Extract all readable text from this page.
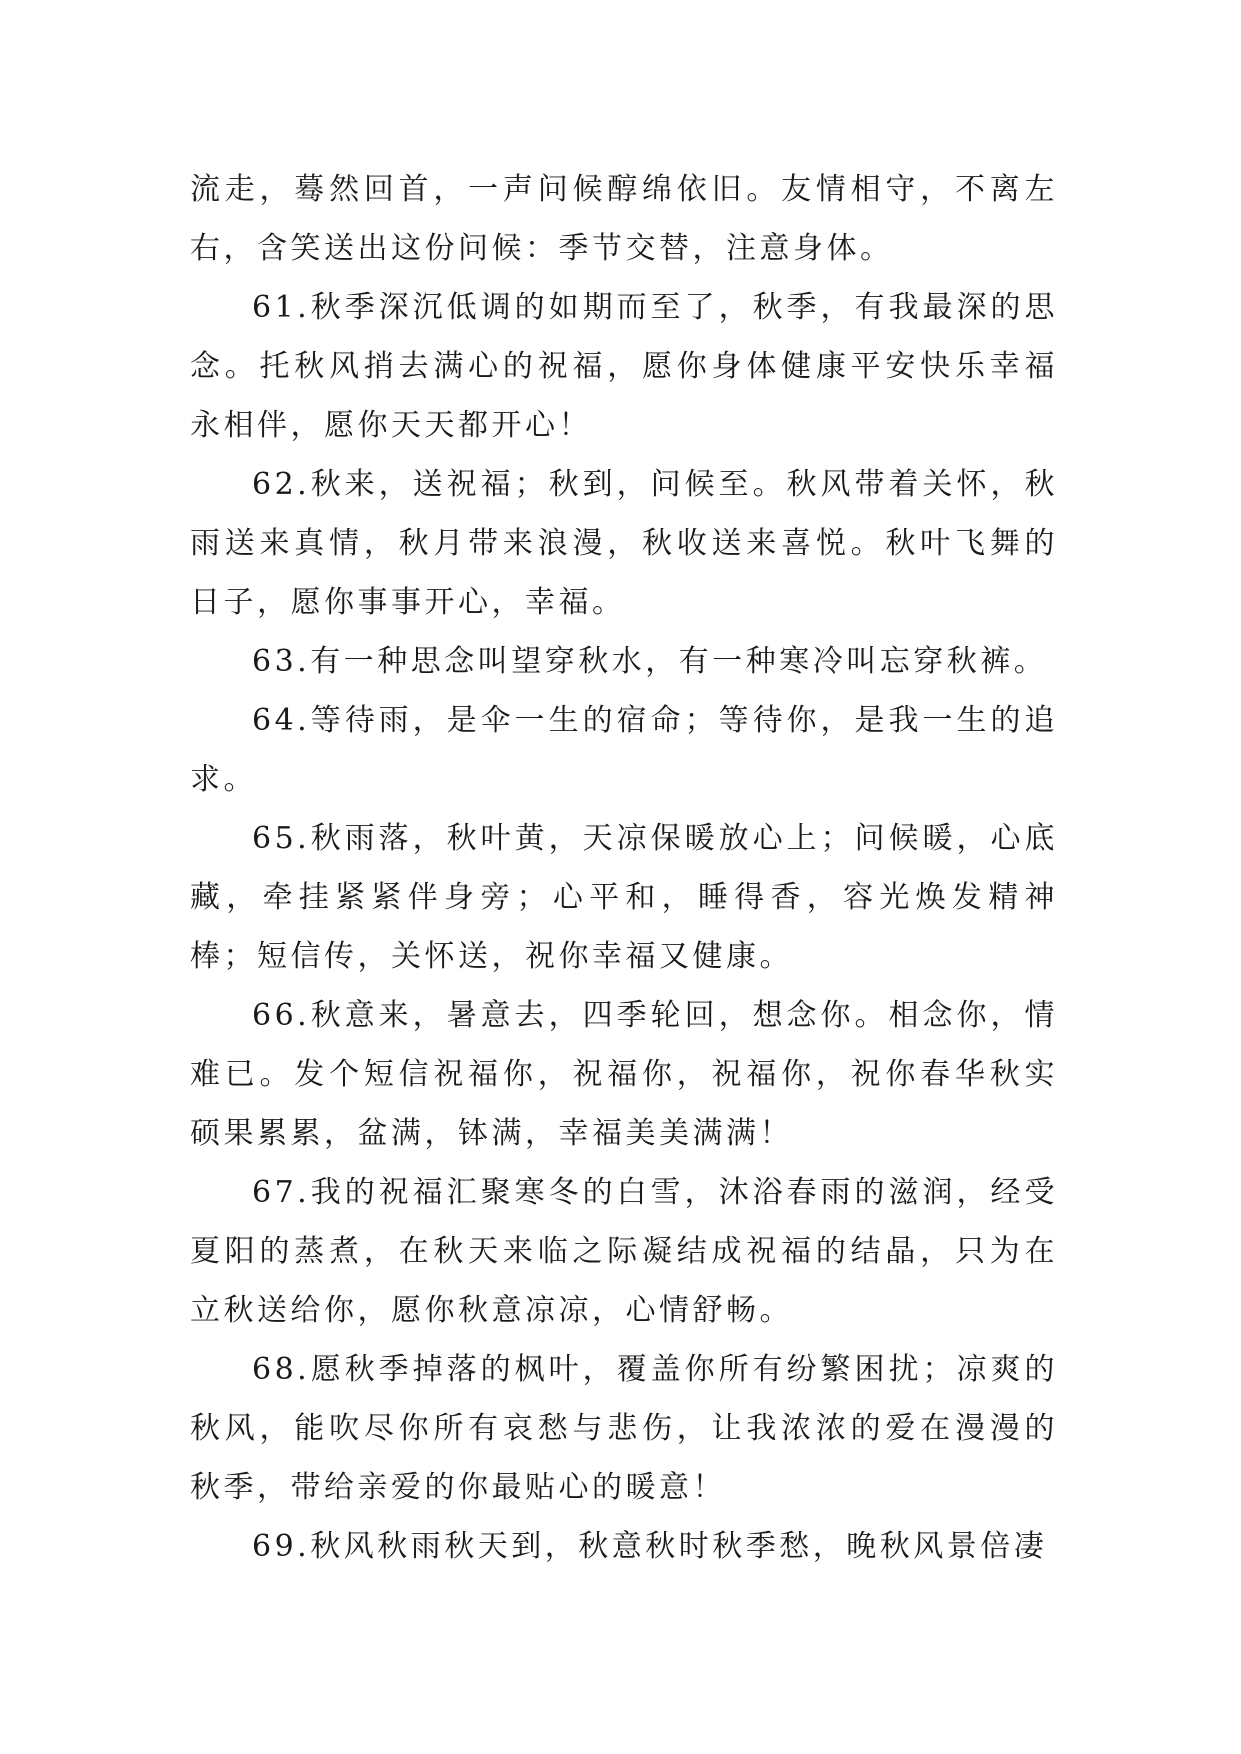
流走，蓦然回首，一声问候醇绵依旧。友情相守，不离左右，含笑送出这份问候：季节交替，注意身体。

61.秋季深沉低调的如期而至了，秋季，有我最深的思念。托秋风捎去满心的祝福，愿你身体健康平安快乐幸福永相伴，愿你天天都开心！

62.秋来，送祝福；秋到，问候至。秋风带着关怀，秋雨送来真情，秋月带来浪漫，秋收送来喜悦。秋叶飞舞的日子，愿你事事开心，幸福。

63.有一种思念叫望穿秋水，有一种寒冷叫忘穿秋裤。

64.等待雨，是伞一生的宿命；等待你，是我一生的追求。

65.秋雨落，秋叶黄，天凉保暖放心上；问候暖，心底藏，牵挂紧紧伴身旁；心平和，睡得香，容光焕发精神棒；短信传，关怀送，祝你幸福又健康。

66.秋意来，暑意去，四季轮回，想念你。相念你，情难已。发个短信祝福你，祝福你，祝福你，祝你春华秋实硕果累累，盆满，钵满，幸福美美满满！

67.我的祝福汇聚寒冬的白雪，沐浴春雨的滋润，经受夏阳的蒸煮，在秋天来临之际凝结成祝福的结晶，只为在立秋送给你，愿你秋意凉凉，心情舒畅。

68.愿秋季掉落的枫叶，覆盖你所有纷繁困扰；凉爽的秋风，能吹尽你所有哀愁与悲伤，让我浓浓的爱在漫漫的秋季，带给亲爱的你最贴心的暖意！

69.秋风秋雨秋天到，秋意秋时秋季愁，晚秋风景倍凄
